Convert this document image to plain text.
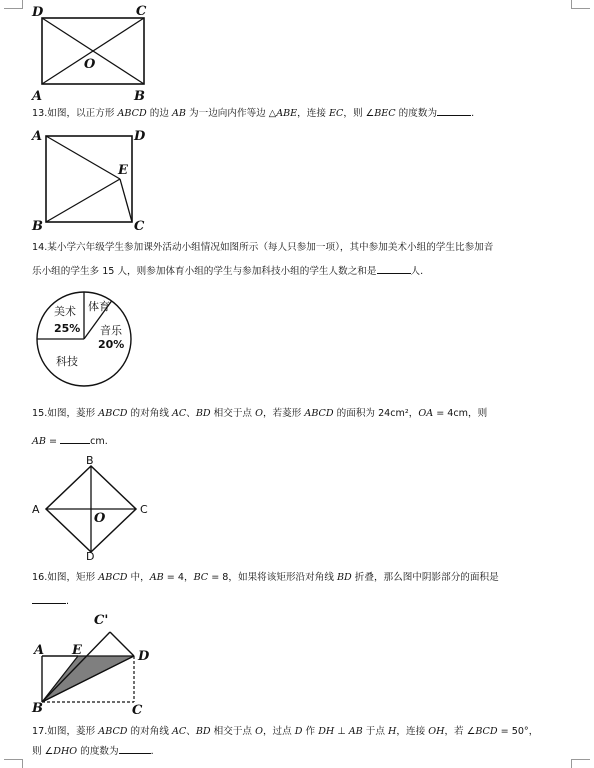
D	C
O
A	B
13.如图，以正方形 ABCD 的边 AB 为一边向内作等边 △ABE，连接 EC，则 ∠BEC 的度数为	.
A	D
E
B	C
14.某小学六年级学生参加课外活动小组情况如图所示（每人只参加一项），其中参加美术小组的学生比参加音
乐小组的学生多 15 人，则参加体育小组的学生与参加科技小组的学生人数之和是	人.
美术
25%
体育
音乐
20%
科技
15.如图，菱形 ABCD 的对角线 AC、BD 相交于点 O，若菱形 ABCD 的面积为 24cm²，OA = 4cm，则
AB =	cm.
B
A	C
O
D
16.如图，矩形 ABCD 中，AB = 4，BC = 8，如果将该矩形沿对角线 BD 折叠，那么图中阴影部分的面积是
.
C'
A E	D
B	C
17.如图，菱形 ABCD 的对角线 AC、BD 相交于点 O，过点 D 作 DH ⊥ AB 于点 H，连接 OH，若 ∠BCD = 50°，
则 ∠DHO 的度数为	.
